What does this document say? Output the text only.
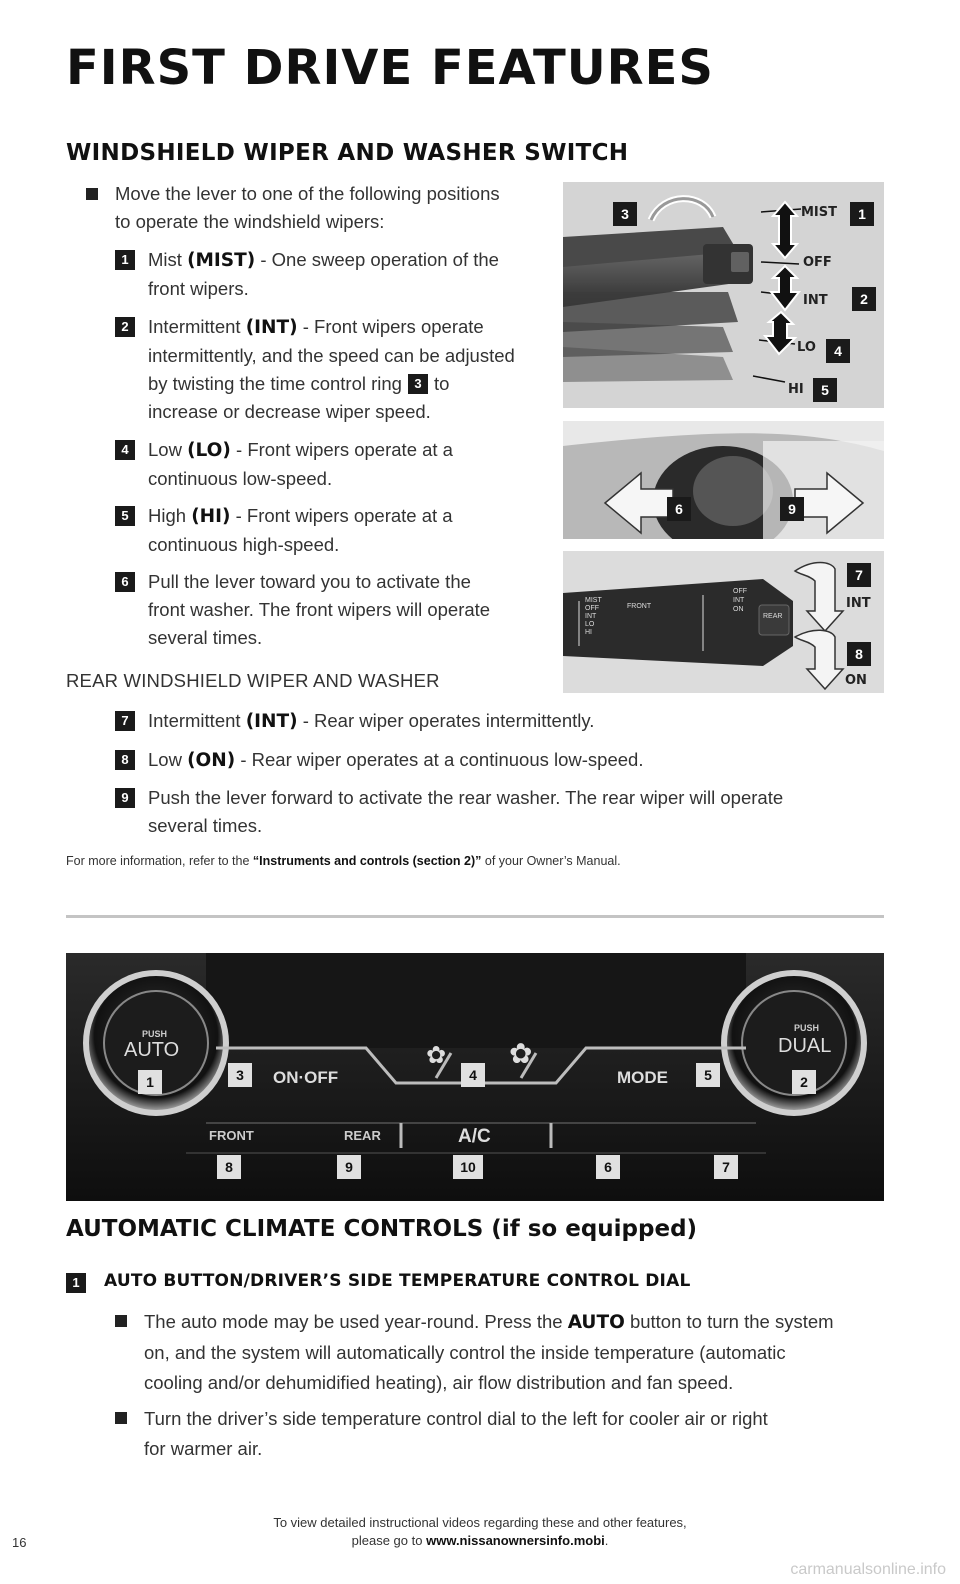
FIRST DRIVE FEATURES
WINDSHIELD WIPER AND WASHER SWITCH
Move the lever to one of the following positions
to operate the windshield wipers:
1	Mist (MIST) - One sweep operation of the
front wipers.
2	Intermittent (INT) - Front wipers operate
intermittently, and the speed can be adjusted
by twisting the time control ring 3 to
increase or decrease wiper speed.
4	Low (LO) - Front wipers operate at a
continuous low-speed.
5	High (HI) - Front wipers operate at a
continuous high-speed.
6	Pull the lever toward you to activate the
front washer. The front wipers will operate
several times.
REAR WINDSHIELD WIPER AND WASHER
7	Intermittent (INT) - Rear wiper operates intermittently.
8	Low (ON) - Rear wiper operates at a continuous low-speed.
9	Push the lever forward to activate the rear washer. The rear wiper will operate
several times.
For more information, refer to the “Instruments and controls (section 2)” of your Owner’s Manual.
MIST
OFF
INT
LO
HI
3	1
2
4
5
6	9
MIST
OFF
INT
LO
HI
FRONT
OFF
INT
ON
REAR
7
INT
8
ON
✿ ✿
PUSH
AUTO
PUSH
DUAL
ON·OFF	MODE
FRONT	REAR	A/C
1	3	4	5	2
8	9	10	6	7
AUTOMATIC CLIMATE CONTROLS (if so equipped)
1	AUTO BUTTON/DRIVER’S SIDE TEMPERATURE CONTROL DIAL
The auto mode may be used year-round. Press the AUTO button to turn the system
on, and the system will automatically control the inside temperature (automatic
cooling and/or dehumidified heating), air flow distribution and fan speed.
Turn the driver’s side temperature control dial to the left for cooler air or right
for warmer air.
16
To view detailed instructional videos regarding these and other features,
please go to www.nissanownersinfo.mobi.
carmanualsonline.info
